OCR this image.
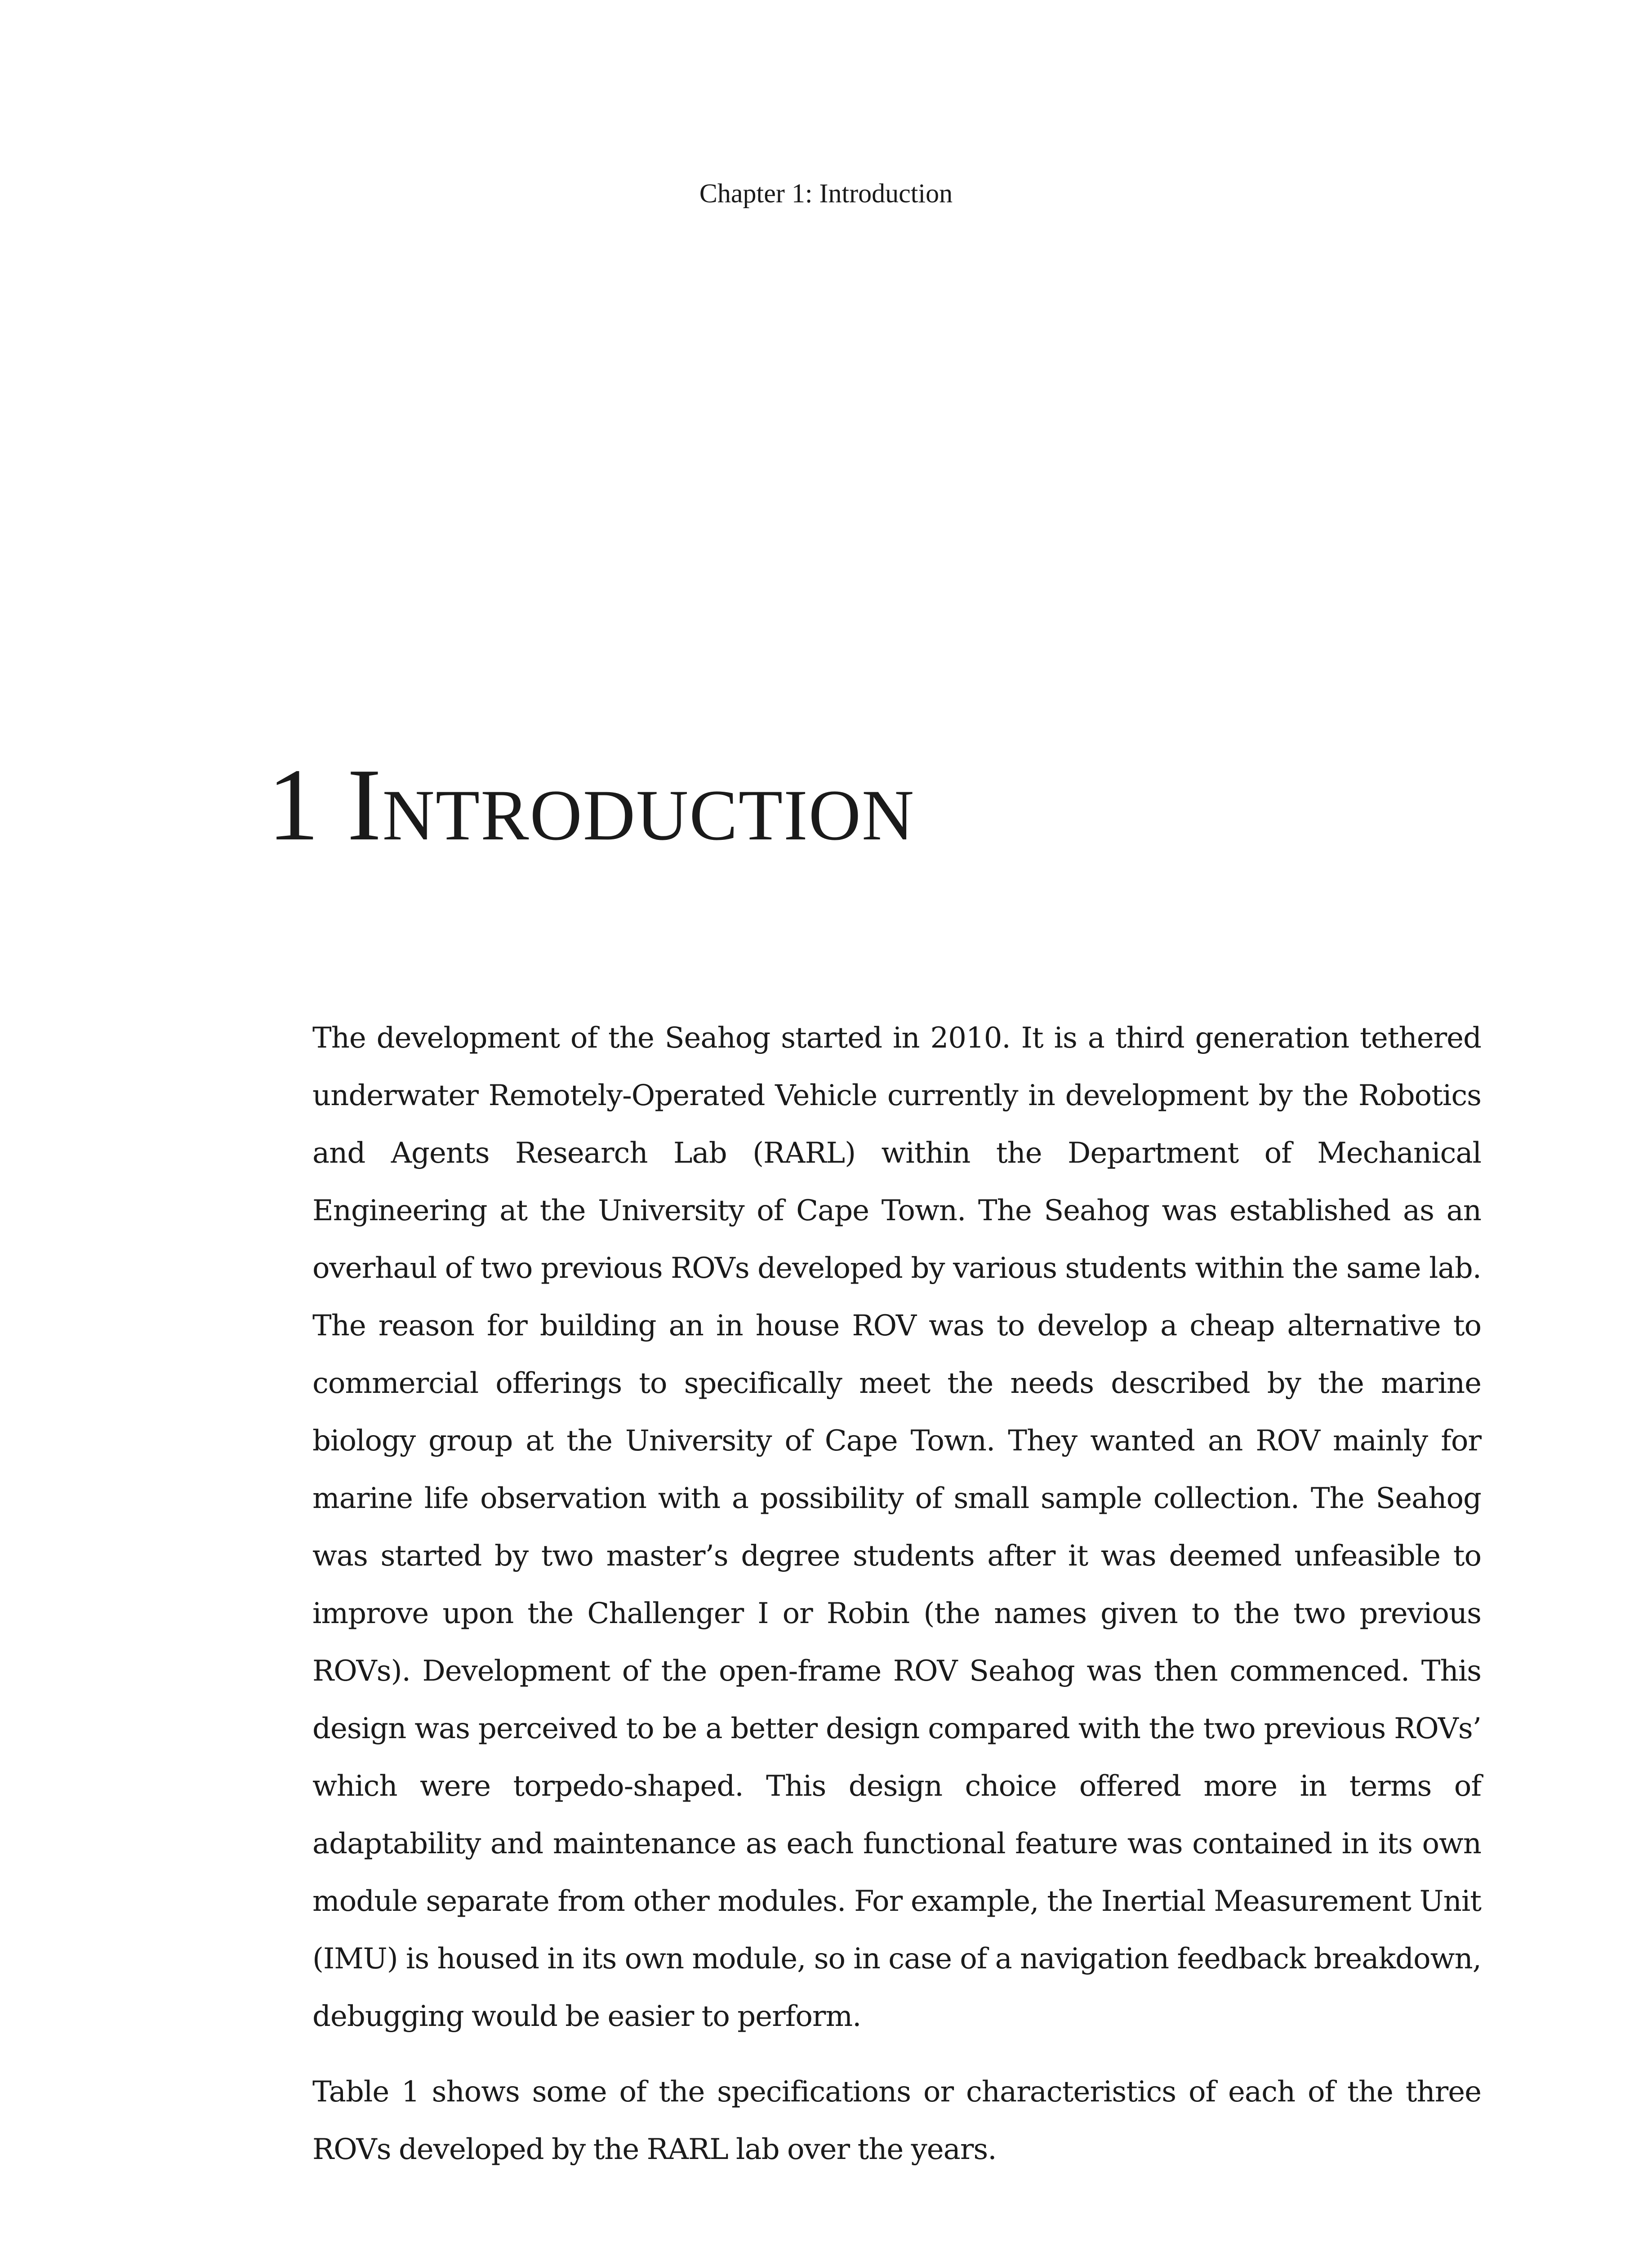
Chapter 1: Introduction
1 Introduction

The development of the Seahog started in 2010. It is a third generation tethered underwater Remotely-Operated Vehicle currently in development by the Robotics and Agents Research Lab (RARL) within the Department of Mechanical Engineering at the University of Cape Town. The Seahog was established as an overhaul of two previous ROVs developed by various students within the same lab. The reason for building an in house ROV was to develop a cheap alternative to commercial offerings to specifically meet the needs described by the marine biology group at the University of Cape Town. They wanted an ROV mainly for marine life observation with a possibility of small sample collection. The Seahog was started by two master’s degree students after it was deemed unfeasible to improve upon the Challenger I or Robin (the names given to the two previous ROVs). Development of the open-frame ROV Seahog was then commenced. This design was perceived to be a better design compared with the two previous ROVs’ which were torpedo-shaped. This design choice offered more in terms of adaptability and maintenance as each functional feature was contained in its own module separate from other modules. For example, the Inertial Measurement Unit (IMU) is housed in its own module, so in case of a navigation feedback breakdown, debugging would be easier to perform.

Table 1 shows some of the specifications or characteristics of each of the three ROVs developed by the RARL lab over the years.
